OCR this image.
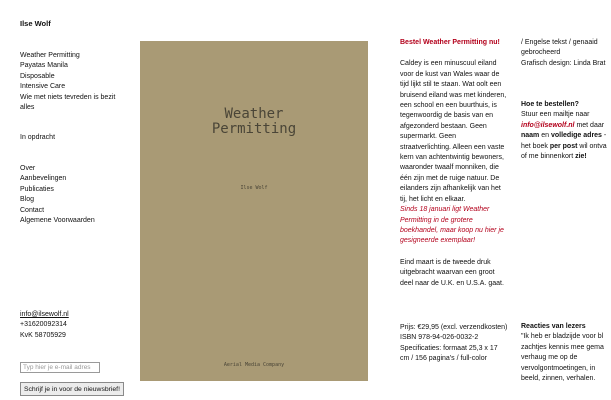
Ilse Wolf
Weather Permitting
Payatas Manila
Disposable
Intensive Care
Wie met niets tevreden is bezit alles
In opdracht
Over
Aanbevelingen
Publicaties
Blog
Contact
Algemene Voorwaarden
info@ilsewolf.nl
+31620092314
KvK 58705929
Typ hier je e-mail adres
Schrijf je in voor de nieuwsbrief!
Weather Permitting
Ilse Wolf
Aerial Media Company

Bestel Weather Permitting nu!

Caldey is een minuscuul eiland voor de kust van Wales waar de tijd lijkt stil te staan. Wat oolt een bruisend eiland was met kinderen, een school en een buurthuis, is tegenwoordig de basis van en afgezonderd bestaan. Geen supermarkt. Geen straatverlichting. Alleen een vaste kern van achtentwintig bewoners, waaronder twaalf monniken, die één zijn met de ruige natuur. De eilanders zijn afhankelijk van het tij, het licht en elkaar.

Sinds 18 januari ligt Weather Permitting in de grotere boekhandel, maar koop nu hier je gesigneerde exemplaar!

Eind maart is de tweede druk uitgebracht waarvan een groot deel naar de U.K. en U.S.A. gaat.

Prijs: €29,95 (excl. verzendkosten)

ISBN 978-94-026-0032-2

Specificaties: formaat 25,3 x 17 cm / 156 pagina's / full-color

/ Engelse tekst / genaaid
gebrocheerd
Grafisch design: Linda Brat
Hoe te bestellen?
Stuur een mailtje naar
info@ilsewolf.nl met daar
naam en volledige adres -
het boek per post wil ontva
of me binnenkort zie!
Reacties van lezers
"Ik heb er bladzijde voor bl
zachtjes kennis mee gema
verhaug me op de
vervolgontmoetingen, in
beeld, zinnen, verhalen.
